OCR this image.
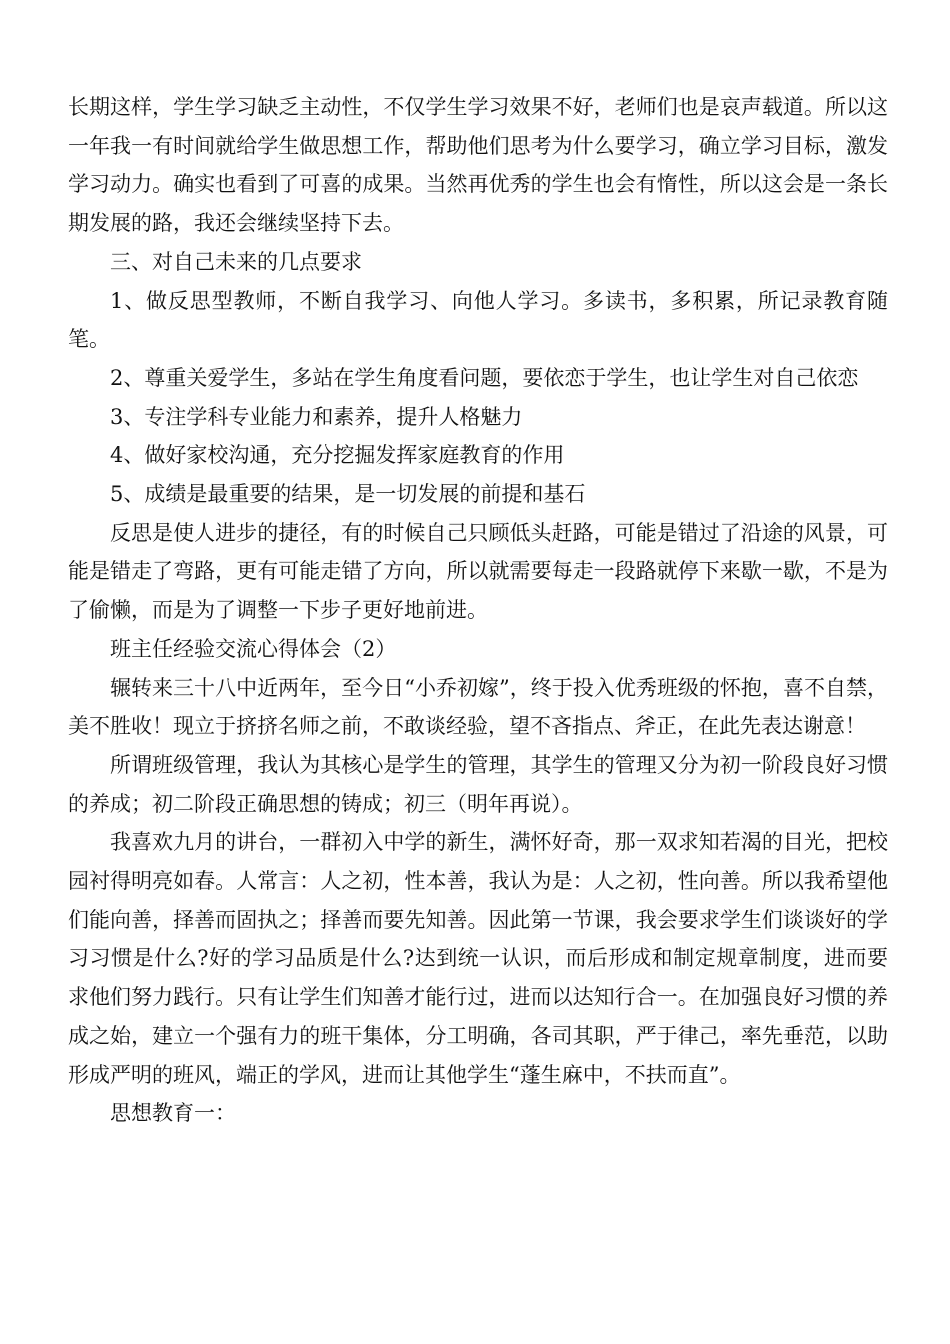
长期这样，学生学习缺乏主动性，不仅学生学习效果不好，老师们也是哀声载道。所以这一年我一有时间就给学生做思想工作，帮助他们思考为什么要学习，确立学习目标，激发学习动力。确实也看到了可喜的成果。当然再优秀的学生也会有惰性，所以这会是一条长期发展的路，我还会继续坚持下去。

三、对自己未来的几点要求

1、做反思型教师，不断自我学习、向他人学习。多读书，多积累，所记录教育随笔。

2、尊重关爱学生，多站在学生角度看问题，要依恋于学生，也让学生对自己依恋

3、专注学科专业能力和素养，提升人格魅力

4、做好家校沟通，充分挖掘发挥家庭教育的作用

5、成绩是最重要的结果，是一切发展的前提和基石

反思是使人进步的捷径，有的时候自己只顾低头赶路，可能是错过了沿途的风景，可能是错走了弯路，更有可能走错了方向，所以就需要每走一段路就停下来歇一歇，不是为了偷懒，而是为了调整一下步子更好地前进。

班主任经验交流心得体会（2）

辗转来三十八中近两年，至今日“小乔初嫁”，终于投入优秀班级的怀抱，喜不自禁，美不胜收！现立于挤挤名师之前，不敢谈经验，望不吝指点、斧正，在此先表达谢意！

所谓班级管理，我认为其核心是学生的管理，其学生的管理又分为初一阶段良好习惯的养成；初二阶段正确思想的铸成；初三（明年再说）。

我喜欢九月的讲台，一群初入中学的新生，满怀好奇，那一双求知若渴的目光，把校园衬得明亮如春。人常言：人之初，性本善，我认为是：人之初，性向善。所以我希望他们能向善，择善而固执之；择善而要先知善。因此第一节课，我会要求学生们谈谈好的学习习惯是什么?好的学习品质是什么?达到统一认识，而后形成和制定规章制度，进而要求他们努力践行。只有让学生们知善才能行过，进而以达知行合一。在加强良好习惯的养成之始，建立一个强有力的班干集体，分工明确，各司其职，严于律己，率先垂范，以助形成严明的班风，端正的学风，进而让其他学生“蓬生麻中，不扶而直”。

思想教育一：
